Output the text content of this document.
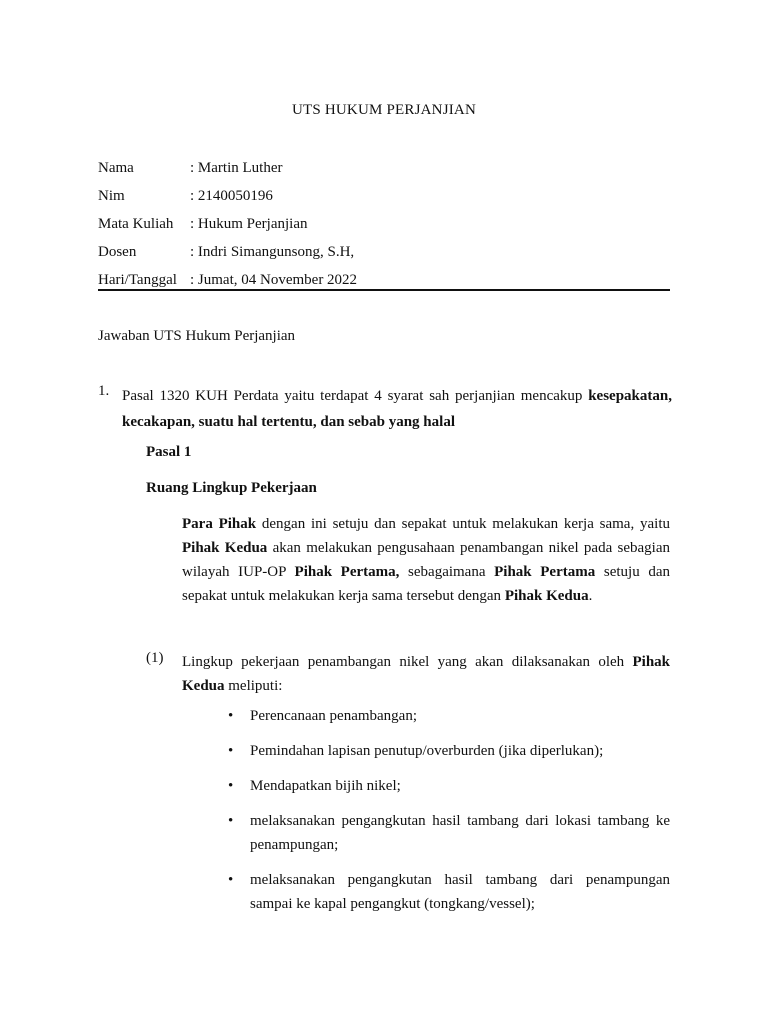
UTS HUKUM PERJANJIAN
Nama	: Martin Luther
Nim	: 2140050196
Mata Kuliah	: Hukum Perjanjian
Dosen	: Indri Simangunsong, S.H,
Hari/Tanggal : Jumat, 04 November 2022
Jawaban UTS Hukum Perjanjian
1. Pasal 1320 KUH Perdata yaitu terdapat 4 syarat sah perjanjian mencakup kesepakatan, kecakapan, suatu hal tertentu, dan sebab yang halal
Pasal 1
Ruang Lingkup Pekerjaan
Para Pihak dengan ini setuju dan sepakat untuk melakukan kerja sama, yaitu Pihak Kedua akan melakukan pengusahaan penambangan nikel pada sebagian wilayah IUP-OP Pihak Pertama, sebagaimana Pihak Pertama setuju dan sepakat untuk melakukan kerja sama tersebut dengan Pihak Kedua.
(1) Lingkup pekerjaan penambangan nikel yang akan dilaksanakan oleh Pihak Kedua meliputi:
• Perencanaan penambangan;
• Pemindahan lapisan penutup/overburden (jika diperlukan);
• Mendapatkan bijih nikel;
• melaksanakan pengangkutan hasil tambang dari lokasi tambang ke penampungan;
• melaksanakan pengangkutan hasil tambang dari penampungan sampai ke kapal pengangkut (tongkang/vessel);
